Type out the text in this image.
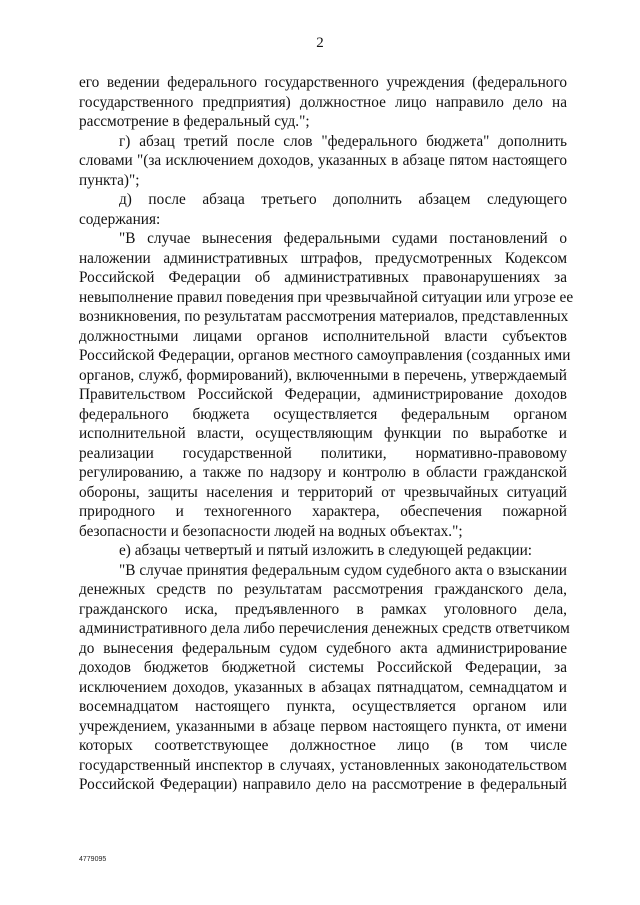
2
его ведении федерального государственного учреждения (федерального
государственного предприятия) должностное лицо направило дело на
рассмотрение в федеральный суд.";
г) абзац третий после слов "федерального бюджета" дополнить
словами "(за исключением доходов, указанных в абзаце пятом настоящего
пункта)";
д) после абзаца третьего дополнить абзацем следующего
содержания:
"В случае вынесения федеральными судами постановлений о
наложении административных штрафов, предусмотренных Кодексом
Российской Федерации об административных правонарушениях за
невыполнение правил поведения при чрезвычайной ситуации или угрозе ее
возникновения, по результатам рассмотрения материалов, представленных
должностными лицами органов исполнительной власти субъектов
Российской Федерации, органов местного самоуправления (созданных ими
органов, служб, формирований), включенными в перечень, утверждаемый
Правительством Российской Федерации, администрирование доходов
федерального бюджета осуществляется федеральным органом
исполнительной власти, осуществляющим функции по выработке и
реализации государственной политики, нормативно-правовому
регулированию, а также по надзору и контролю в области гражданской
обороны, защиты населения и территорий от чрезвычайных ситуаций
природного и техногенного характера, обеспечения пожарной
безопасности и безопасности людей на водных объектах.";
е) абзацы четвертый и пятый изложить в следующей редакции:
"В случае принятия федеральным судом судебного акта о взыскании
денежных средств по результатам рассмотрения гражданского дела,
гражданского иска, предъявленного в рамках уголовного дела,
административного дела либо перечисления денежных средств ответчиком
до вынесения федеральным судом судебного акта администрирование
доходов бюджетов бюджетной системы Российской Федерации, за
исключением доходов, указанных в абзацах пятнадцатом, семнадцатом и
восемнадцатом настоящего пункта, осуществляется органом или
учреждением, указанными в абзаце первом настоящего пункта, от имени
которых соответствующее должностное лицо (в том числе
государственный инспектор в случаях, установленных законодательством
Российской Федерации) направило дело на рассмотрение в федеральный
4779095
